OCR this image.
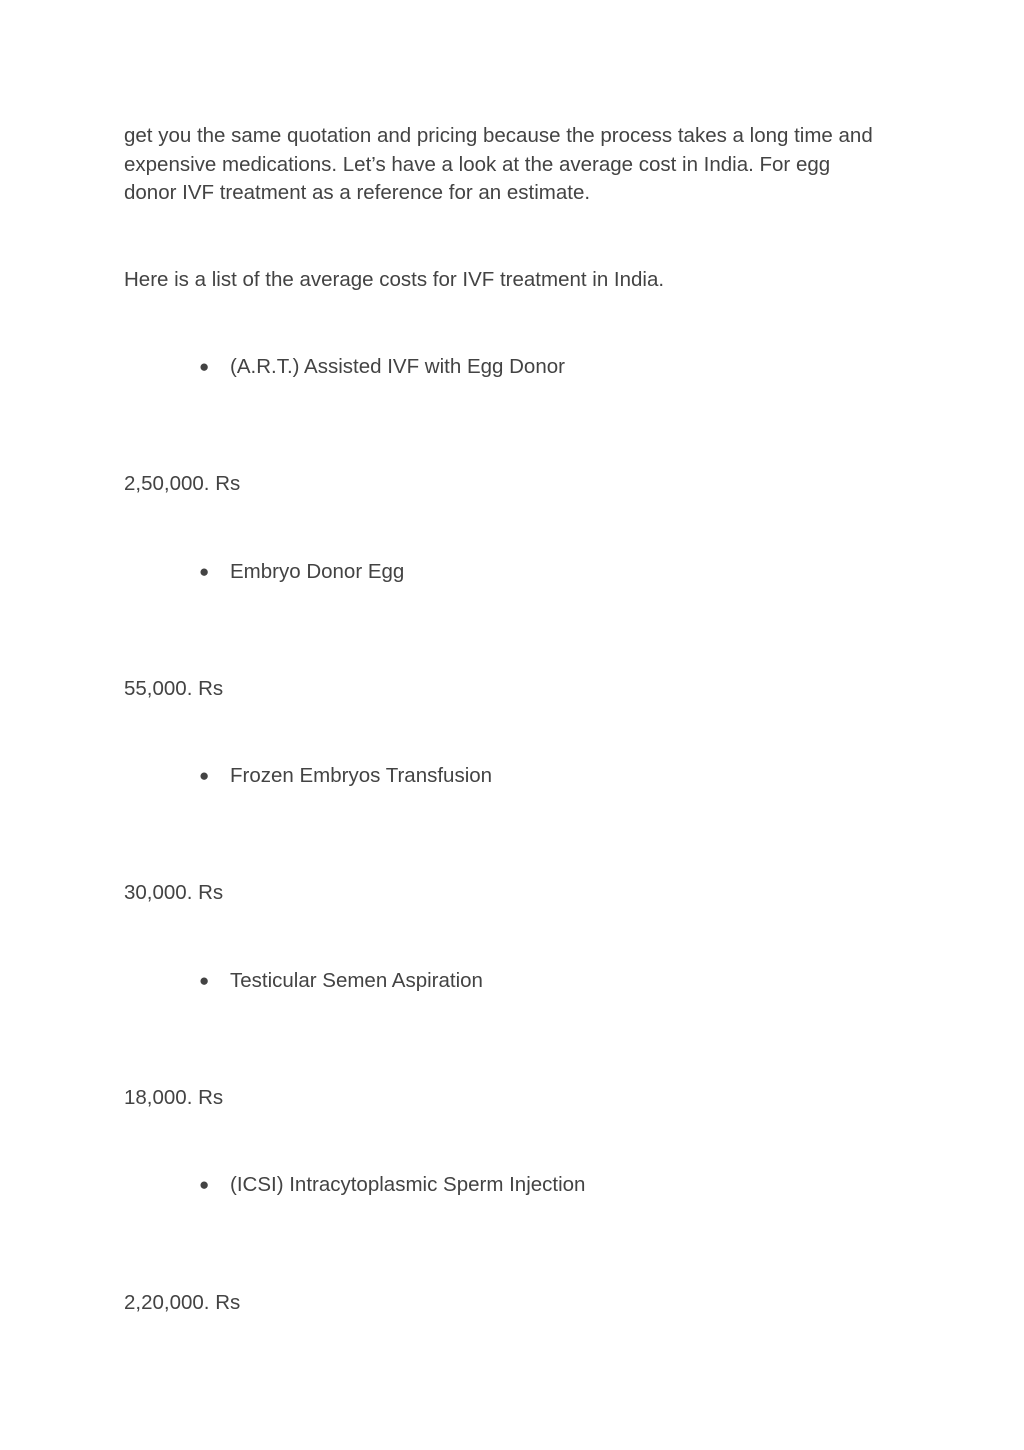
get you the same quotation and pricing because the process takes a long time and expensive medications. Let’s have a look at the average cost in India. For egg donor IVF treatment as a reference for an estimate.

Here is a list of the average costs for IVF treatment in India.

● (A.R.T.) Assisted IVF with Egg Donor

2,50,000. Rs

● Embryo Donor Egg

55,000. Rs

● Frozen Embryos Transfusion

30,000. Rs

● Testicular Semen Aspiration

18,000. Rs

● (ICSI) Intracytoplasmic Sperm Injection

2,20,000. Rs
